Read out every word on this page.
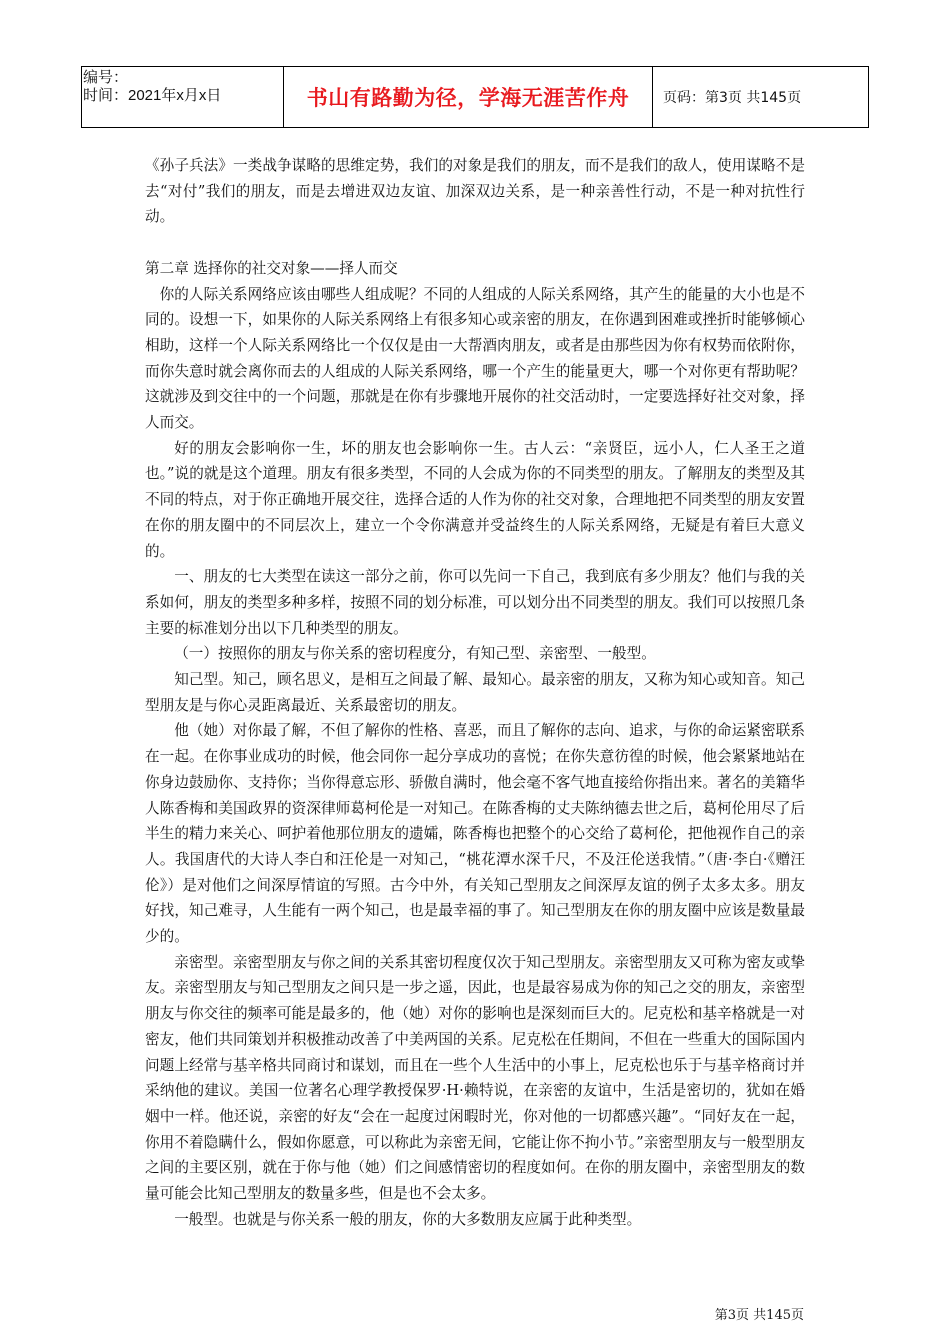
编号：
时间：2021年x月x日	书山有路勤为径，学海无涯苦作舟	页码：第3页 共145页

《孙子兵法》一类战争谋略的思维定势，我们的对象是我们的朋友，而不是我们的敌人，使用谋略不是去“对付”我们的朋友，而是去增进双边友谊、加深双边关系，是一种亲善性行动，不是一种对抗性行动。

第二章 选择你的社交对象——择人而交

你的人际关系网络应该由哪些人组成呢？不同的人组成的人际关系网络，其产生的能量的大小也是不同的。设想一下，如果你的人际关系网络上有很多知心或亲密的朋友，在你遇到困难或挫折时能够倾心相助，这样一个人际关系网络比一个仅仅是由一大帮酒肉朋友，或者是由那些因为你有权势而依附你，而你失意时就会离你而去的人组成的人际关系网络，哪一个产生的能量更大，哪一个对你更有帮助呢？这就涉及到交往中的一个问题，那就是在你有步骤地开展你的社交活动时，一定要选择好社交对象，择人而交。

好的朋友会影响你一生，坏的朋友也会影响你一生。古人云：“亲贤臣，远小人，仁人圣王之道也。”说的就是这个道理。朋友有很多类型，不同的人会成为你的不同类型的朋友。了解朋友的类型及其不同的特点，对于你正确地开展交往，选择合适的人作为你的社交对象，合理地把不同类型的朋友安置在你的朋友圈中的不同层次上，建立一个令你满意并受益终生的人际关系网络，无疑是有着巨大意义的。

一、朋友的七大类型在读这一部分之前，你可以先问一下自己，我到底有多少朋友？他们与我的关系如何，朋友的类型多种多样，按照不同的划分标准，可以划分出不同类型的朋友。我们可以按照几条主要的标准划分出以下几种类型的朋友。

（一）按照你的朋友与你关系的密切程度分，有知己型、亲密型、一般型。

知己型。知己，顾名思义，是相互之间最了解、最知心。最亲密的朋友，又称为知心或知音。知己型朋友是与你心灵距离最近、关系最密切的朋友。

他（她）对你最了解，不但了解你的性格、喜恶，而且了解你的志向、追求，与你的命运紧密联系在一起。在你事业成功的时候，他会同你一起分享成功的喜悦；在你失意彷徨的时候，他会紧紧地站在你身边鼓励你、支持你；当你得意忘形、骄傲自满时，他会毫不客气地直接给你指出来。著名的美籍华人陈香梅和美国政界的资深律师葛柯伦是一对知己。在陈香梅的丈夫陈纳德去世之后，葛柯伦用尽了后半生的精力来关心、呵护着他那位朋友的遗孀，陈香梅也把整个的心交给了葛柯伦，把他视作自己的亲人。我国唐代的大诗人李白和汪伦是一对知己，“桃花潭水深千尺，不及汪伦送我情。”（唐·李白·《赠汪伦》）是对他们之间深厚情谊的写照。古今中外，有关知己型朋友之间深厚友谊的例子太多太多。朋友好找，知己难寻，人生能有一两个知己，也是最幸福的事了。知己型朋友在你的朋友圈中应该是数量最少的。

亲密型。亲密型朋友与你之间的关系其密切程度仅次于知己型朋友。亲密型朋友又可称为密友或挚友。亲密型朋友与知己型朋友之间只是一步之遥，因此，也是最容易成为你的知己之交的朋友，亲密型朋友与你交往的频率可能是最多的，他（她）对你的影响也是深刻而巨大的。尼克松和基辛格就是一对密友，他们共同策划并积极推动改善了中美两国的关系。尼克松在任期间，不但在一些重大的国际国内问题上经常与基辛格共同商讨和谋划，而且在一些个人生活中的小事上，尼克松也乐于与基辛格商讨并采纳他的建议。美国一位著名心理学教授保罗·H·赖特说，在亲密的友谊中，生活是密切的，犹如在婚姻中一样。他还说，亲密的好友“会在一起度过闲暇时光，你对他的一切都感兴趣”。“同好友在一起，你用不着隐瞒什么，假如你愿意，可以称此为亲密无间，它能让你不拘小节。”亲密型朋友与一般型朋友之间的主要区别，就在于你与他（她）们之间感情密切的程度如何。在你的朋友圈中，亲密型朋友的数量可能会比知己型朋友的数量多些，但是也不会太多。

一般型。也就是与你关系一般的朋友，你的大多数朋友应属于此种类型。

第3页 共145页
